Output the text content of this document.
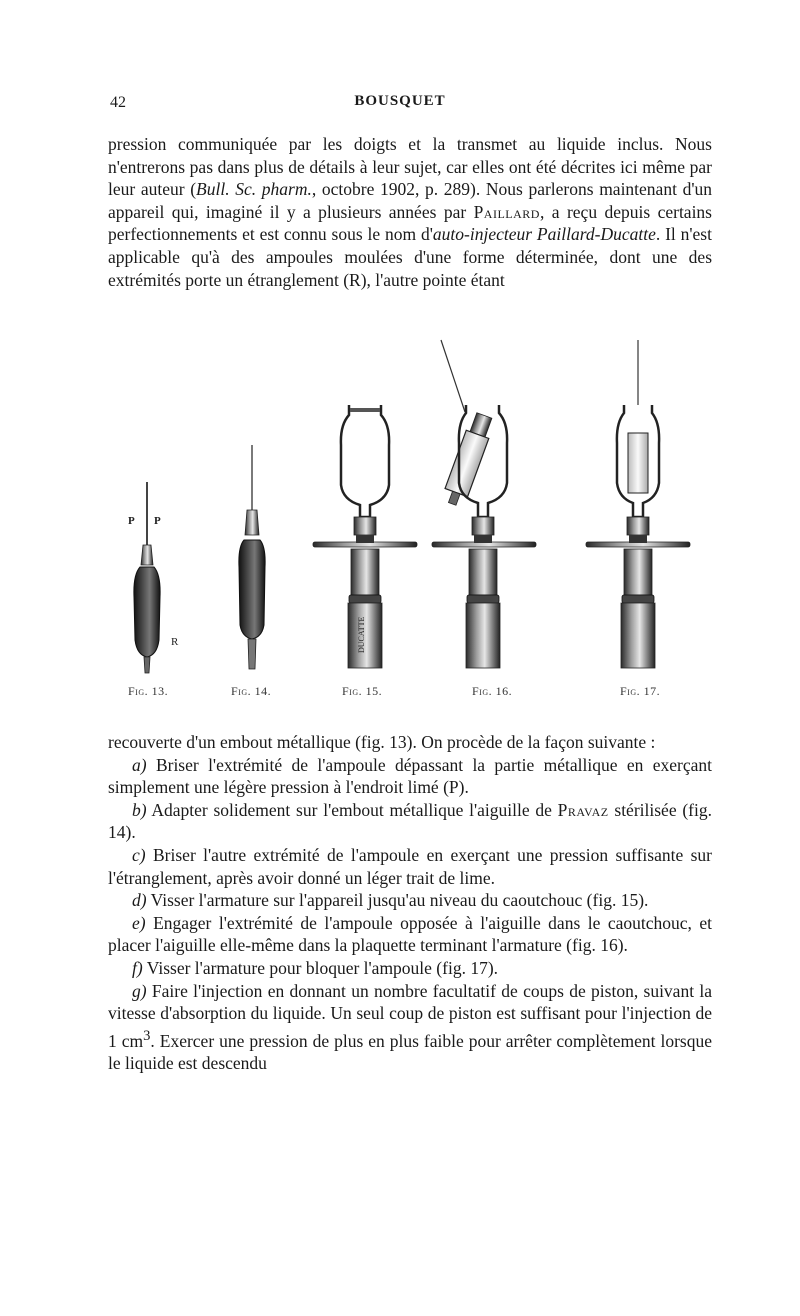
42	BOUSQUET

pression communiquée par les doigts et la transmet au liquide inclus. Nous n'entrerons pas dans plus de détails à leur sujet, car elles ont été décrites ici même par leur auteur (Bull. Sc. pharm., octobre 1902, p. 289). Nous parlerons maintenant d'un appareil qui, imaginé il y a plusieurs années par Paillard, a reçu depuis certains perfectionnements et est connu sous le nom d'auto-injecteur Paillard-Ducatte. Il n'est applicable qu'à des ampoules moulées d'une forme déterminée, dont une des extrémités porte un étranglement (R), l'autre pointe étant

P P
R	DUCATTE
Fig. 13.	Fig. 14.	Fig. 15.	Fig. 16.	Fig. 17.

recouverte d'un embout métallique (fig. 13). On procède de la façon suivante :

a) Briser l'extrémité de l'ampoule dépassant la partie métallique en exerçant simplement une légère pression à l'endroit limé (P).

b) Adapter solidement sur l'embout métallique l'aiguille de Pravaz stérilisée (fig. 14).

c) Briser l'autre extrémité de l'ampoule en exerçant une pression suffisante sur l'étranglement, après avoir donné un léger trait de lime.

d) Visser l'armature sur l'appareil jusqu'au niveau du caoutchouc (fig. 15).

e) Engager l'extrémité de l'ampoule opposée à l'aiguille dans le caoutchouc, et placer l'aiguille elle-même dans la plaquette terminant l'armature (fig. 16).

f) Visser l'armature pour bloquer l'ampoule (fig. 17).

g) Faire l'injection en donnant un nombre facultatif de coups de piston, suivant la vitesse d'absorption du liquide. Un seul coup de piston est suffisant pour l'injection de 1 $cm^3$. Exercer une pression de plus en plus faible pour arrêter complètement lorsque le liquide est descendu
